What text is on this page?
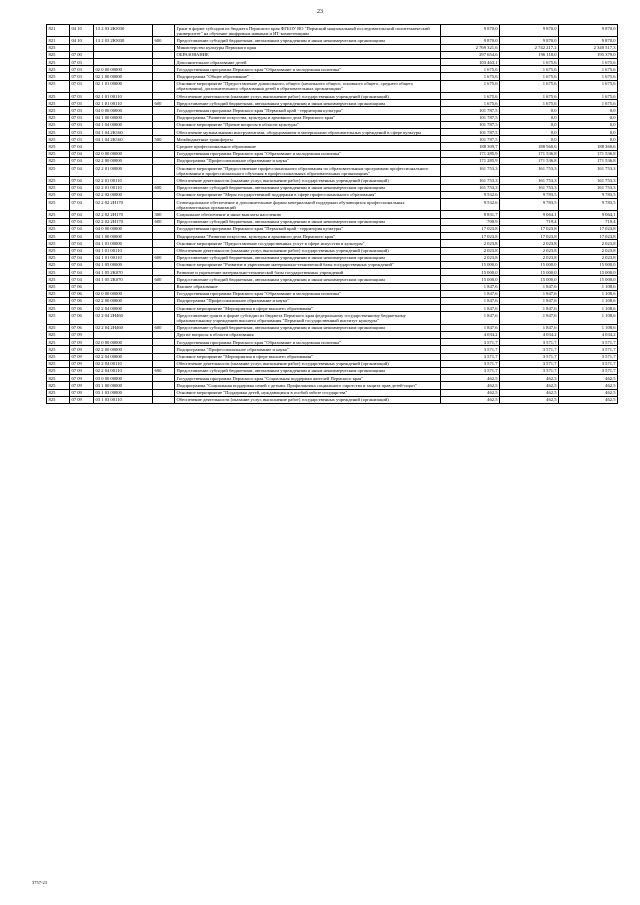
23
821	04 10	13 2 03 2Ю030		Грант в форме субсидии из бюджета Пермского края ФГБОУ ВО "Пермский национальный исследовательский политехнический университет" на обучение шифровым навыкам и ИТ-компетенциям	9 870,0	9 870,0	9 870,0
821	04 10	13 2 03 2Ю030	600	Предоставление субсидий бюджетным, автономным учреждениям и иным некоммерческим организациям	9 870,0	9 870,0	9 870,0
825				Министерство культуры Пермского края	2 769 321,6	2 742 217,2	2 340 517,3
825	07 00			ОБРАЗОВАНИЕ	297 654,6	196 118,0	195 379,0
825	07 03			Дополнительное образование детей	103 463,1	1 675,6	1 675,6
825	07 03	02 0 00 00000		Государственная программа Пермского края "Образование и молодежная политика"	1 675,6	1 675,6	1 675,6
825	07 03	02 1 00 00000		Подпрограмма "Общее образование"	1 675,6	1 675,6	1 675,6
825	07 03	02 1 01 00000		Основное мероприятие "Предоставление дошкольного, общего (начального общего, основного общего, среднего общего образования), дополнительного образования детей в образовательных организациях"	1 675,6	1 675,6	1 675,6
825	07 03	02 1 01 00110		Обеспечение деятельности (оказание услуг, выполнение работ) государственных учреждений (организаций)	1 675,6	1 675,6	1 675,6
825	07 03	02 1 01 00110	600	Предоставление субсидий бюджетным, автономным учреждениям и иным некоммерческим организациям	1 675,6	1 675,6	1 675,6
825	07 03	04 0 00 00000		Государственная программа Пермского края "Пермский край - территория культуры"	101 787,5	0,0	0,0
825	07 03	04 1 00 00000		Подпрограмма "Развитие искусства, культуры и архивного дела Пермского края"	101 787,5	0,0	0,0
825	07 03	04 1 04 00000		Основное мероприятие "Прочие вопросы в области культуры"	101 787,5	0,0	0,0
825	07 03	04 1 04 2К160		Обеспечение музыкальными инструментами, оборудованием и материалами образовательных учреждений в сфере культуры	101 787,5	0,0	0,0
825	07 03	04 1 04 2К160	500	Межбюджетные трансферты	101 787,5	0,0	0,0
825	07 04			Среднее профессиональное образование	188 309,7	188 560,6	188 360,6
825	07 04	02 0 00 00000		Государственная программа Пермского края "Образование и молодежная политика"	171 285,9	171 536,8	171 536,8
825	07 04	02 2 00 00000		Подпрограмма "Профессиональное образование и наука"	171 285,9	171 536,8	171 536,8
825	07 04	02 2 01 00000		Основное мероприятие "Предоставление профессионального образования по образовательным программам профессионального образования и профессионального обучения в профессиональных образовательных организациях"	161 753,3	161 753,3	161 753,3
825	07 04	02 2 01 00110		Обеспечение деятельности (оказание услуг, выполнение работ) государственных учреждений (организаций)	161 753,3	161 753,3	161 753,3
825	07 04	02 2 01 00110	600	Предоставление субсидий бюджетным, автономным учреждениям и иным некоммерческим организациям	161 753,3	161 753,3	161 753,3
825	07 04	02 2 02 00000		Основное мероприятие "Меры государственной поддержки в сфере профессионального образования"	9 532,6	9 783,5	9 783,5
825	07 04	02 2 02 2Н170		Стипендиальное обеспечение и дополнительные формы материальной поддержки обучающихся профессиональных образовательных организаций	9 532,6	9 783,5	9 783,5
825	07 04	02 2 02 2Н170	300	Социальное обеспечение и иные выплаты населению	8 831,7	9 064,1	9 064,1
825	07 04	02 2 02 2Н170	600	Предоставление субсидий бюджетным, автономным учреждениям и иным некоммерческим организациям	700,9	719,4	719,4
825	07 04	04 0 00 00000		Государственная программа Пермского края "Пермский край - территория культуры"	17 023,8	17 023,8	17 023,8
825	07 04	04 1 00 00000		Подпрограмма "Развитие искусства, культуры и архивного дела Пермского края"	17 023,8	17 023,8	17 023,8
825	07 04	04 1 01 00000		Основное мероприятие "Предоставление государственных услуг в сфере искусства и культуры"	2 023,8	2 023,8	2 023,8
825	07 04	04 1 01 00110		Обеспечение деятельности (оказание услуг, выполнение работ) государственных учреждений (организаций)	2 023,8	2 023,8	2 023,8
825	07 04	04 1 01 00110	600	Предоставление субсидий бюджетным, автономным учреждениям и иным некоммерческим организациям	2 023,8	2 023,8	2 023,8
825	07 04	04 1 05 00000		Основное мероприятие "Развитие и укрепление материально-технической базы государственных учреждений"	15 000,0	15 000,0	15 000,0
825	07 04	04 1 05 2К070		Развитие и укрепление материально-технической базы государственных учреждений	15 000,0	15 000,0	15 000,0
825	07 04	04 1 05 2К070	600	Предоставление субсидий бюджетным, автономным учреждениям и иным некоммерческим организациям	15 000,0	15 000,0	15 000,0
825	07 06			Высшее образование	1 847,6	1 847,6	1 108,6
825	07 06	02 0 00 00000		Государственная программа Пермского края "Образование и молодежная политика"	1 847,6	1 847,6	1 108,6
825	07 06	02 2 00 00000		Подпрограмма "Профессиональное образование и наука"	1 847,6	1 847,6	1 108,6
825	07 06	02 2 04 00000		Основное мероприятие "Мероприятия в сфере высшего образования"	1 847,6	1 847,6	1 108,6
825	07 06	02 2 04 2Н460		Предоставление гранта в форме субсидии из бюджета Пермского края федеральному государственному бюджетному образовательному учреждению высшего образования "Пермский государственный институт культуры"	1 847,6	1 847,6	1 108,6
825	07 06	02 2 04 2Н460	600	Предоставление субсидий бюджетным, автономным учреждениям и иным некоммерческим организациям	1 847,6	1 847,6	1 108,6
825	07 09			Другие вопросы в области образования	4 034,2	4 034,2	4 034,2
825	07 09	02 0 00 00000		Государственная программа Пермского края "Образование и молодежная политика"	3 571,7	3 571,7	3 571,7
825	07 09	02 2 00 00000		Подпрограмма "Профессиональное образование и наука"	3 571,7	3 571,7	3 571,7
825	07 09	02 2 04 00000		Основное мероприятие "Мероприятия в сфере высшего образования"	3 571,7	3 571,7	3 571,7
825	07 09	02 2 04 00110		Обеспечение деятельности (оказание услуг, выполнение работ) государственных учреждений (организаций)	3 571,7	3 571,7	3 571,7
825	07 09	02 2 04 00110	600	Предоставление субсидий бюджетным, автономным учреждениям и иным некоммерческим организациям	3 571,7	3 571,7	3 571,7
825	07 09	03 0 00 00000		Государственная программа Пермского края "Социальная поддержка жителей Пермского края"	462,5	462,5	462,5
825	07 09	03 1 00 00000		Подпрограмма "Социальная поддержка семей с детьми. Профилактика социального сиротства и защита прав детей-сирот"	462,5	462,5	462,5
825	07 09	03 1 03 00000		Основное мероприятие "Поддержка детей, нуждающихся в особой заботе государства"	462,5	462,5	462,5
825	07 09	03 1 03 00110		Обеспечение деятельности (оказание услуг, выполнение работ) государственных учреждений (организаций)	462,5	462,5	462,5
3757-23
